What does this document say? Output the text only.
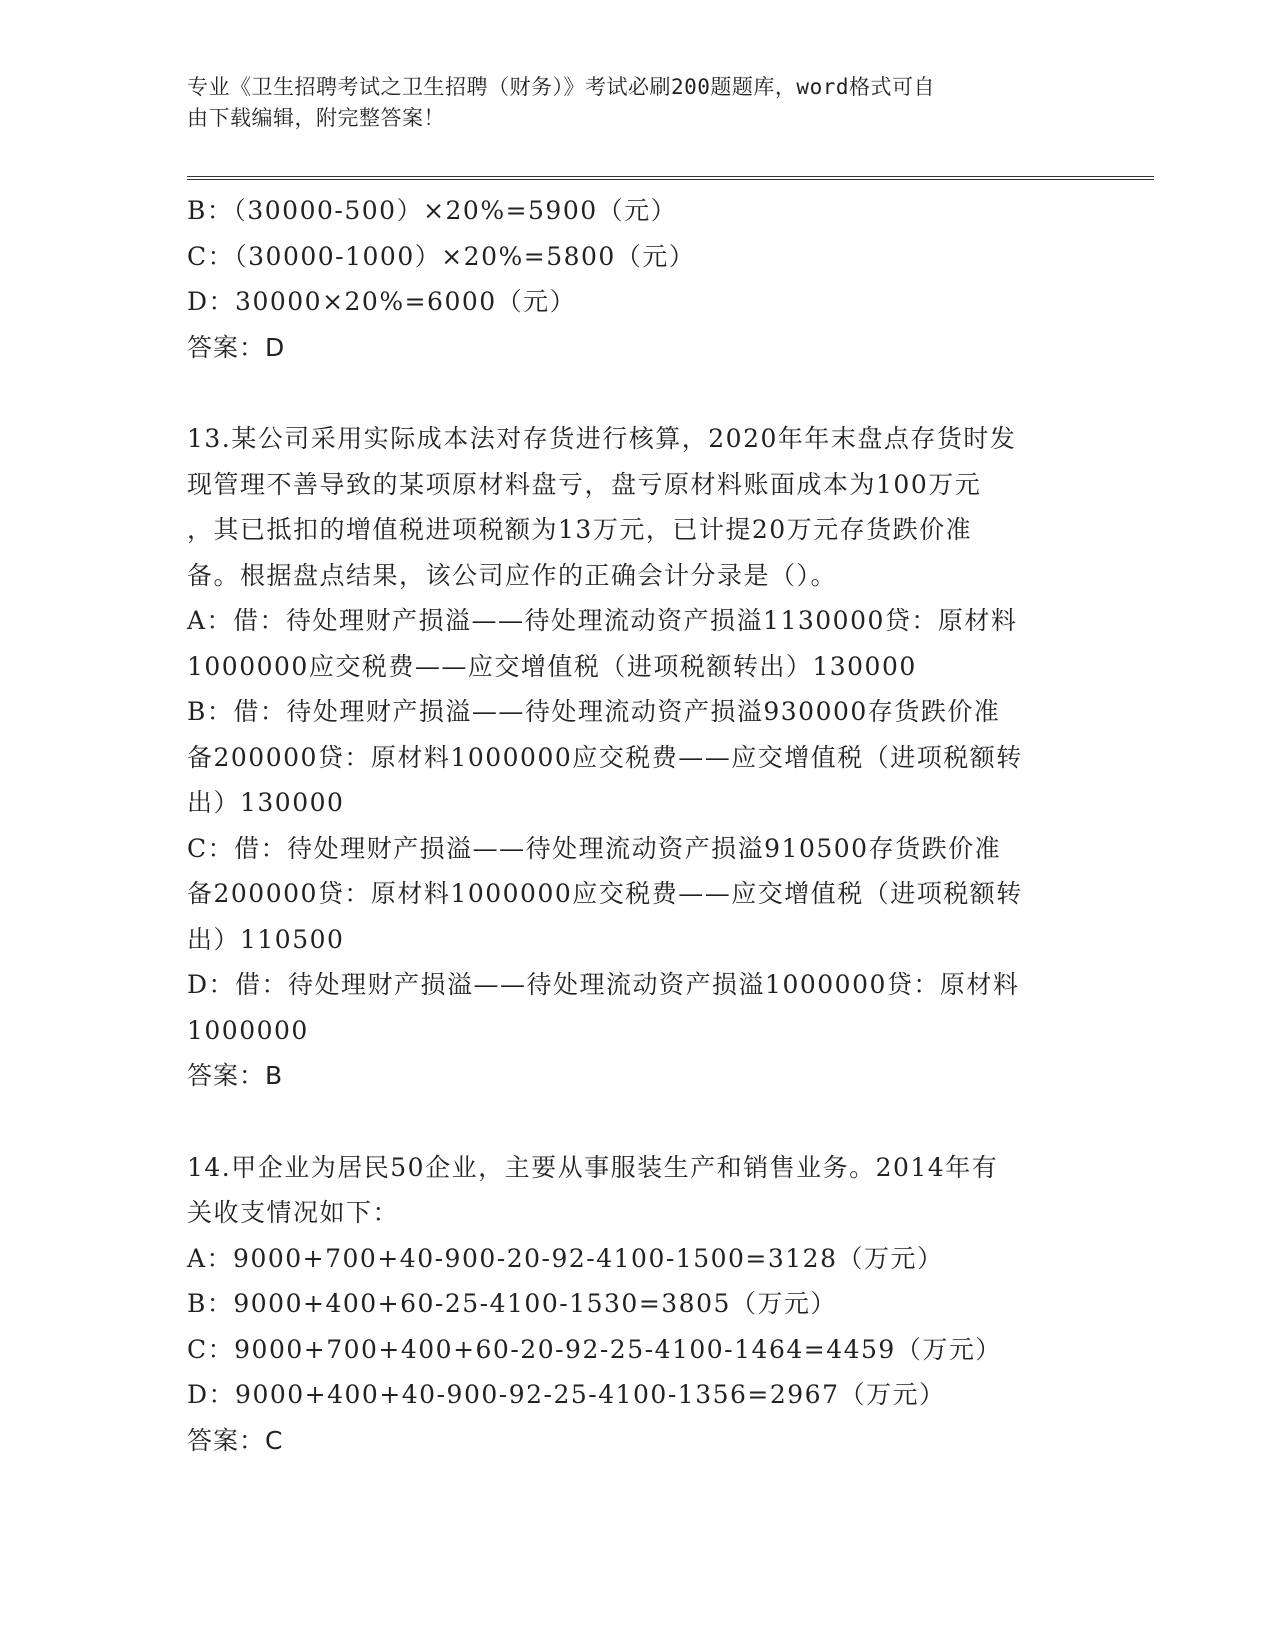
专业《卫生招聘考试之卫生招聘（财务）》考试必刷200题题库，word格式可自
由下载编辑，附完整答案！
B：（30000-500）×20%=5900（元）
C：（30000-1000）×20%=5800（元）
D：30000×20%=6000（元）
答案：D
13.某公司采用实际成本法对存货进行核算，2020年年末盘点存货时发
现管理不善导致的某项原材料盘亏，盘亏原材料账面成本为100万元
，其已抵扣的增值税进项税额为13万元，已计提20万元存货跌价准
备。根据盘点结果，该公司应作的正确会计分录是（）。
A：借：待处理财产损溢——待处理流动资产损溢1130000贷：原材料
1000000应交税费——应交增值税（进项税额转出）130000
B：借：待处理财产损溢——待处理流动资产损溢930000存货跌价准
备200000贷：原材料1000000应交税费——应交增值税（进项税额转
出）130000
C：借：待处理财产损溢——待处理流动资产损溢910500存货跌价准
备200000贷：原材料1000000应交税费——应交增值税（进项税额转
出）110500
D：借：待处理财产损溢——待处理流动资产损溢1000000贷：原材料
1000000
答案：B
14.甲企业为居民50企业，主要从事服装生产和销售业务。2014年有
关收支情况如下：
A：9000+700+40-900-20-92-4100-1500=3128（万元）
B：9000+400+60-25-4100-1530=3805（万元）
C：9000+700+400+60-20-92-25-4100-1464=4459（万元）
D：9000+400+40-900-92-25-4100-1356=2967（万元）
答案：C
